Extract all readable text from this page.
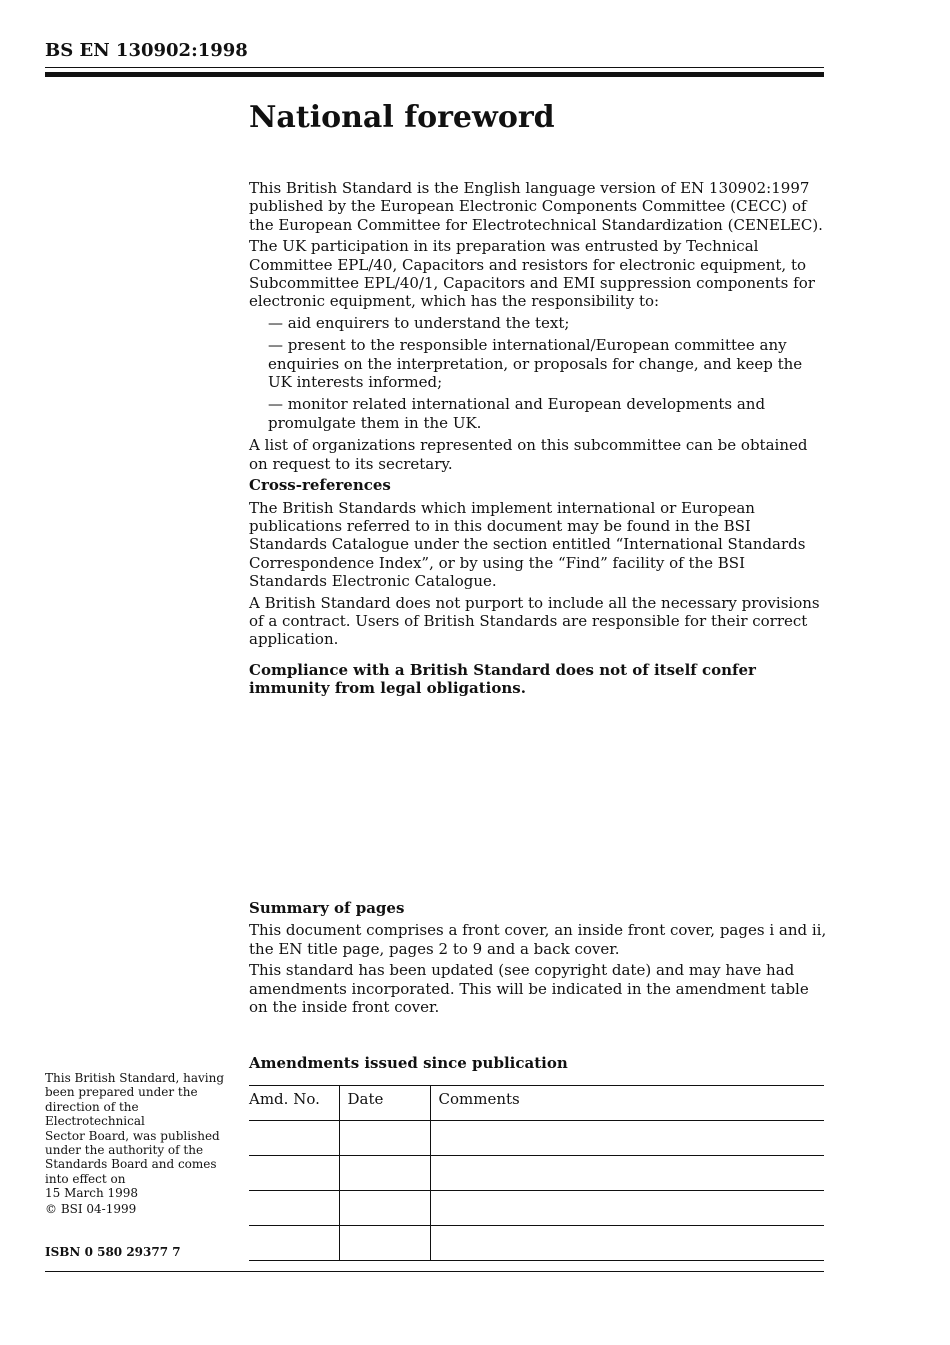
BS EN 130902:1998
National foreword

This British Standard is the English language version of EN 130902:1997 published by the European Electronic Components Committee (CECC) of the European Committee for Electrotechnical Standardization (CENELEC).

The UK participation in its preparation was entrusted by Technical Committee EPL/40, Capacitors and resistors for electronic equipment, to Subcommittee EPL/40/1, Capacitors and EMI suppression components for electronic equipment, which has the responsibility to:

— aid enquirers to understand the text;

— present to the responsible international/European committee any enquiries on the interpretation, or proposals for change, and keep the UK interests informed;

— monitor related international and European developments and promulgate them in the UK.

A list of organizations represented on this subcommittee can be obtained on request to its secretary.

Cross-references

The British Standards which implement international or European publications referred to in this document may be found in the BSI Standards Catalogue under the section entitled “International Standards Correspondence Index”, or by using the “Find” facility of the BSI Standards Electronic Catalogue.

A British Standard does not purport to include all the necessary provisions of a contract. Users of British Standards are responsible for their correct application.

Compliance with a British Standard does not of itself confer immunity from legal obligations.

Summary of pages

This document comprises a front cover, an inside front cover, pages i and ii, the EN title page, pages 2 to 9 and a back cover.

This standard has been updated (see copyright date) and may have had amendments incorporated. This will be indicated in the amendment table on the inside front cover.

This British Standard, having

been prepared under the

direction of the Electrotechnical

Sector Board, was published

under the authority of the

Standards Board and comes

into effect on

15 March 1998

© BSI 04-1999
ISBN 0 580 29377 7
Amendments issued since publication
Amd. No.	Date	Comments
